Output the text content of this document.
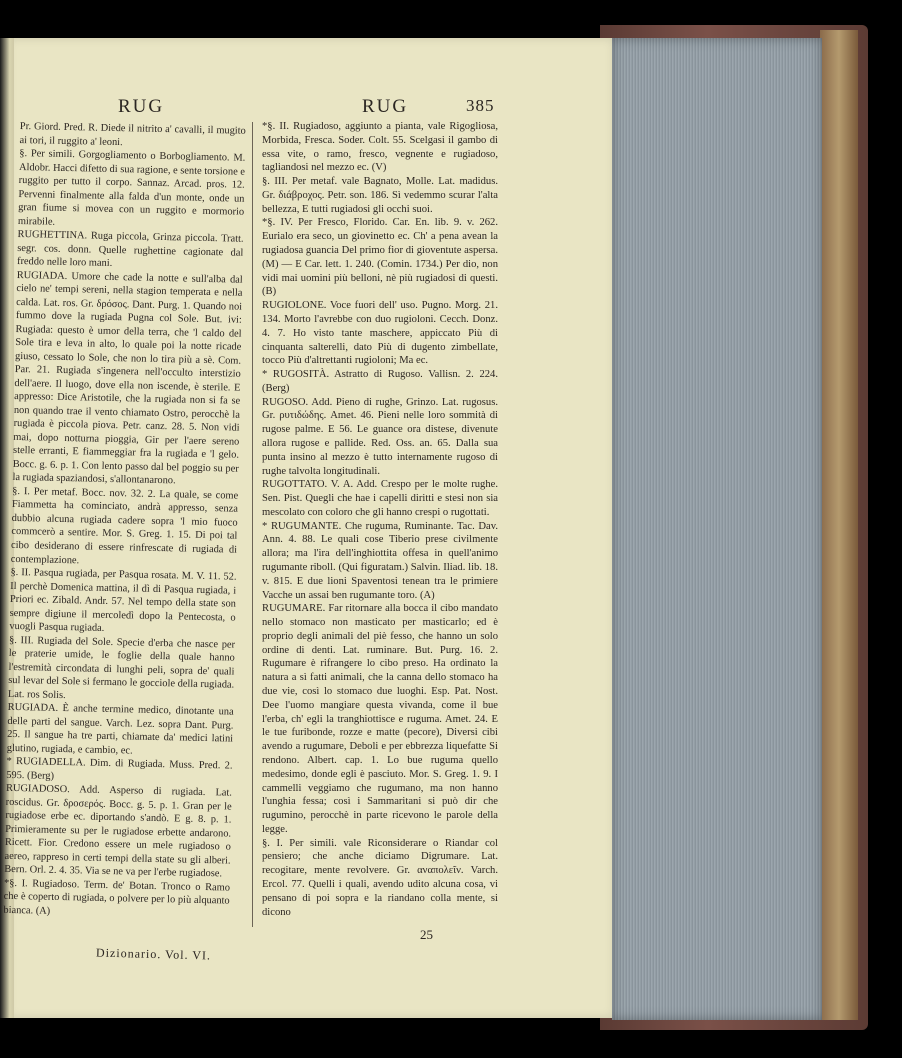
RUG	RUG	385

Pr. Giord. Pred. R. Diede il nitrito a' cavalli, il mugito ai tori, il ruggito a' leoni.

§. Per simili. Gorgogliamento o Borbogliamento. M. Aldobr. Hacci difetto di sua ragione, e sente torsione e ruggito per tutto il corpo. Sannaz. Arcad. pros. 12. Pervenni finalmente alla falda d'un monte, onde un gran fiume si movea con un ruggito e mormorio mirabile.

RUGHETTINA. Ruga piccola, Grinza piccola. Tratt. segr. cos. donn. Quelle rughettine cagionate dal freddo nelle loro mani.

RUGIADA. Umore che cade la notte e sull'alba dal cielo ne' tempi sereni, nella stagion temperata e nella calda. Lat. ros. Gr. δρόσος. Dant. Purg. 1. Quando noi fummo dove la rugiada Pugna col Sole. But. ivi: Rugiada: questo è umor della terra, che 'l caldo del Sole tira e leva in alto, lo quale poi la notte ricade giuso, cessato lo Sole, che non lo tira più a sè. Com. Par. 21. Rugiada s'ingenera nell'occulto interstizio dell'aere. Il luogo, dove ella non iscende, è sterile. E appresso: Dice Aristotile, che la rugiada non si fa se non quando trae il vento chiamato Ostro, perocchè la rugiada è piccola piova. Petr. canz. 28. 5. Non vidi mai, dopo notturna pioggia, Gir per l'aere sereno stelle erranti, E fiammeggiar fra la rugiada e 'l gelo. Bocc. g. 6. p. 1. Con lento passo dal bel poggio su per la rugiada spaziandosi, s'allontanarono.

§. I. Per metaf. Bocc. nov. 32. 2. La quale, se come Fiammetta ha cominciato, andrà appresso, senza dubbio alcuna rugiada cadere sopra 'l mio fuoco commcerò a sentire. Mor. S. Greg. 1. 15. Di poi tal cibo desiderano di essere rinfrescate di rugiada di contemplazione.

§. II. Pasqua rugiada, per Pasqua rosata. M. V. 11. 52. Il perchè Domenica mattina, il dì di Pasqua rugiada, i Priori ec. Zibald. Andr. 57. Nel tempo della state son sempre digiune il mercoledì dopo la Pentecosta, o vuogli Pasqua rugiada.

§. III. Rugiada del Sole. Specie d'erba che nasce per le praterie umide, le foglie della quale hanno l'estremità circondata di lunghi peli, sopra de' quali sul levar del Sole si fermano le gocciole della rugiada. Lat. ros Solis.

RUGIADA. È anche termine medico, dinotante una delle parti del sangue. Varch. Lez. sopra Dant. Purg. 25. Il sangue ha tre parti, chiamate da' medici latini glutino, rugiada, e cambio, ec.

* RUGIADELLA. Dim. di Rugiada. Muss. Pred. 2. 595. (Berg)

RUGIADOSO. Add. Asperso di rugiada. Lat. roscidus. Gr. δροσερός. Bocc. g. 5. p. 1. Gran per le rugiadose erbe ec. diportando s'andò. E g. 8. p. 1. Primieramente su per le rugiadose erbette andarono. Ricett. Fior. Credono essere un mele rugiadoso o aereo, rappreso in certi tempi della state su gli alberi. Bern. Orl. 2. 4. 35. Via se ne va per l'erbe rugiadose.

*§. I. Rugiadoso. Term. de' Botan. Tronco o Ramo che è coperto di rugiada, o polvere per lo più alquanto bianca. (A)

*§. II. Rugiadoso, aggiunto a pianta, vale Rigogliosa, Morbida, Fresca. Soder. Colt. 55. Scelgasi il gambo di essa vite, o ramo, fresco, vegnente e rugiadoso, tagliandosi nel mezzo ec. (V)

§. III. Per metaf. vale Bagnato, Molle. Lat. madidus. Gr. διάβροχος. Petr. son. 186. Sì vedemmo scurar l'alta bellezza, E tutti rugiadosi gli occhi suoi.

*§. IV. Per Fresco, Florido. Car. En. lib. 9. v. 262. Eurialo era seco, un giovinetto ec. Ch' a pena avean la rugiadosa guancia Del primo fior di gioventute aspersa. (M) — E Car. lett. 1. 240. (Comin. 1734.) Per dio, non vidi mai uomini più belloni, nè più rugiadosi di questi. (B)

RUGIOLONE. Voce fuori dell' uso. Pugno. Morg. 21. 134. Morto l'avrebbe con duo rugioloni. Cecch. Donz. 4. 7. Ho visto tante maschere, appiccato Più di cinquanta salterelli, dato Più di dugento zimbellate, tocco Più d'altrettanti rugioloni; Ma ec.

* RUGOSITÀ. Astratto di Rugoso. Vallisn. 2. 224. (Berg)

RUGOSO. Add. Pieno di rughe, Grinzo. Lat. rugosus. Gr. ρυτιδώδης. Amet. 46. Pieni nelle loro sommità di rugose palme. E 56. Le guance ora distese, divenute allora rugose e pallide. Red. Oss. an. 65. Dalla sua punta insino al mezzo è tutto internamente rugoso di rughe talvolta longitudinali.

RUGOTTATO. V. A. Add. Crespo per le molte rughe. Sen. Pist. Quegli che hae i capelli diritti e stesi non sia mescolato con coloro che gli hanno crespi o rugottati.

* RUGUMANTE. Che ruguma, Ruminante. Tac. Dav. Ann. 4. 88. Le quali cose Tiberio prese civilmente allora; ma l'ira dell'inghiottita offesa in quell'animo rugumante riboll. (Qui figuratam.) Salvin. Iliad. lib. 18. v. 815. E due lioni Spaventosi tenean tra le primiere Vacche un assai ben rugumante toro. (A)

RUGUMARE. Far ritornare alla bocca il cibo mandato nello stomaco non masticato per masticarlo; ed è proprio degli animali del piè fesso, che hanno un solo ordine di denti. Lat. ruminare. But. Purg. 16. 2. Rugumare è rifrangere lo cibo preso. Ha ordinato la natura a sì fatti animali, che la canna dello stomaco ha due vie, così lo stomaco due luoghi. Esp. Pat. Nost. Dee l'uomo mangiare questa vivanda, come il bue l'erba, ch' egli la tranghiottisce e ruguma. Amet. 24. E le tue furibonde, rozze e matte (pecore), Diversi cibi avendo a rugumare, Deboli e per ebbrezza liquefatte Si rendono. Albert. cap. 1. Lo bue ruguma quello medesimo, donde egli è pasciuto. Mor. S. Greg. 1. 9. I cammelli veggiamo che rugumano, ma non hanno l'unghia fessa; così i Sammaritani si può dir che rugumino, perocchè in parte ricevono le parole della legge.

§. I. Per simili. vale Riconsiderare o Riandar col pensiero; che anche diciamo Digrumare. Lat. recogitare, mente revolvere. Gr. αναπολεῖν. Varch. Ercol. 77. Quelli i quali, avendo udito alcuna cosa, vi pensano di poi sopra e la riandano colla mente, si dicono

25
Dizionario. Vol. VI.
